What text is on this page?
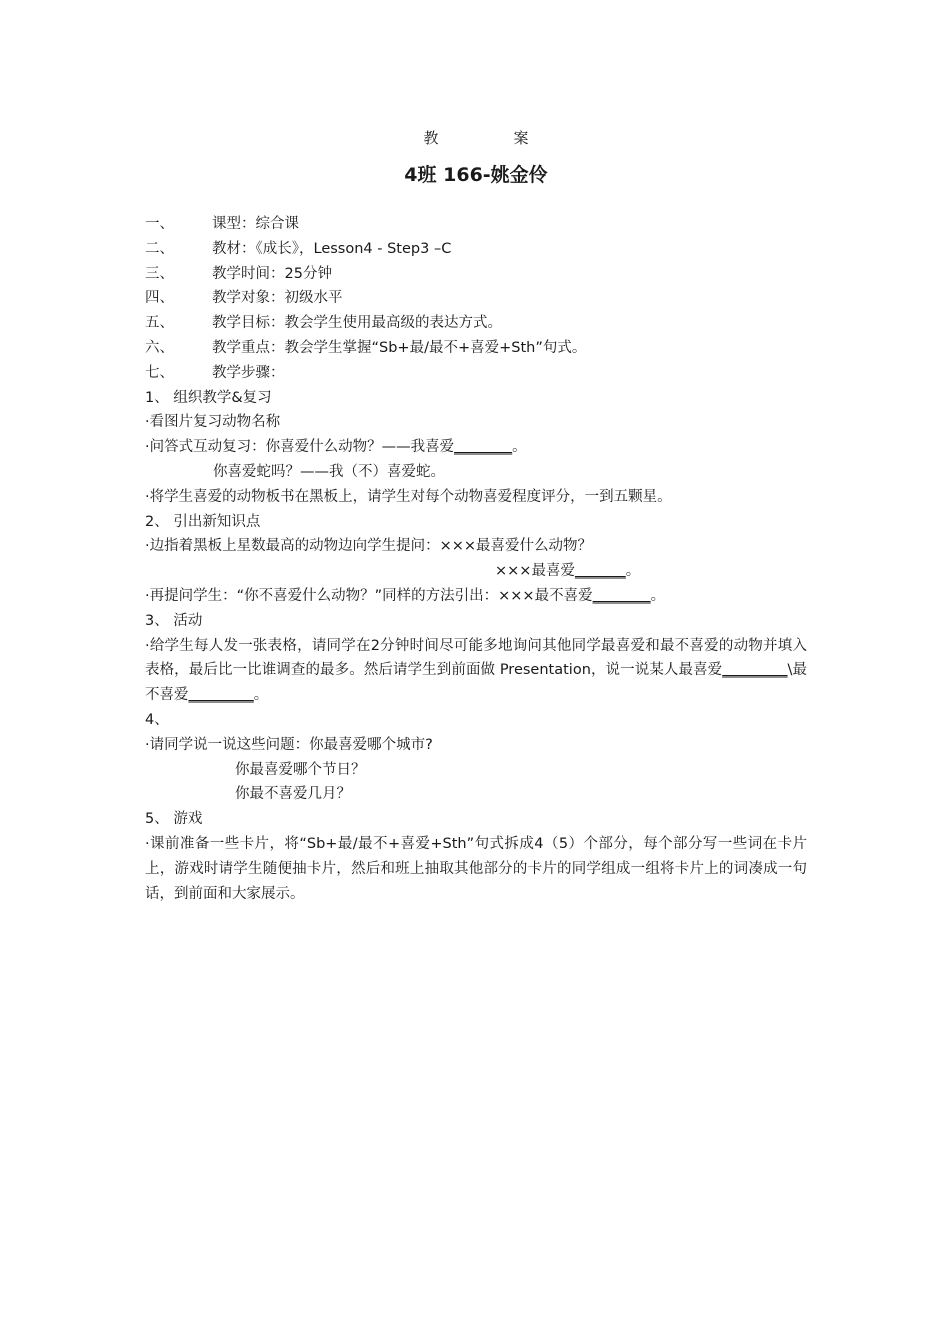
教　案

4班 166-姚金伶

一、	课型：综合课

二、	教材：《成长》，Lesson4 - Step3 –C

三、	教学时间：25分钟

四、	教学对象：初级水平

五、	教学目标：教会学生使用最高级的表达方式。

六、	教学重点：教会学生掌握“Sb+最/最不+喜爱+Sth”句式。

七、	教学步骤：

1、 组织教学&复习

·看图片复习动物名称

·问答式互动复习：你喜爱什么动物？——我喜爱________。

你喜爱蛇吗？——我（不）喜爱蛇。

·将学生喜爱的动物板书在黑板上，请学生对每个动物喜爱程度评分，一到五颗星。

2、 引出新知识点

·边指着黑板上星数最高的动物边向学生提问：×××最喜爱什么动物？

×××最喜爱_______。

·再提问学生：“你不喜爱什么动物？”同样的方法引出：×××最不喜爱________。

3、 活动

·给学生每人发一张表格，请同学在2分钟时间尽可能多地询问其他同学最喜爱和最不喜爱的动物并填入表格，最后比一比谁调查的最多。然后请学生到前面做 Presentation，说一说某人最喜爱_________\最不喜爱_________。

4、

·请同学说一说这些问题：你最喜爱哪个城市?

你最喜爱哪个节日？

你最不喜爱几月？

5、 游戏

·课前准备一些卡片，将“Sb+最/最不+喜爱+Sth”句式拆成4（5）个部分，每个部分写一些词在卡片上，游戏时请学生随便抽卡片，然后和班上抽取其他部分的卡片的同学组成一组将卡片上的词凑成一句话，到前面和大家展示。
